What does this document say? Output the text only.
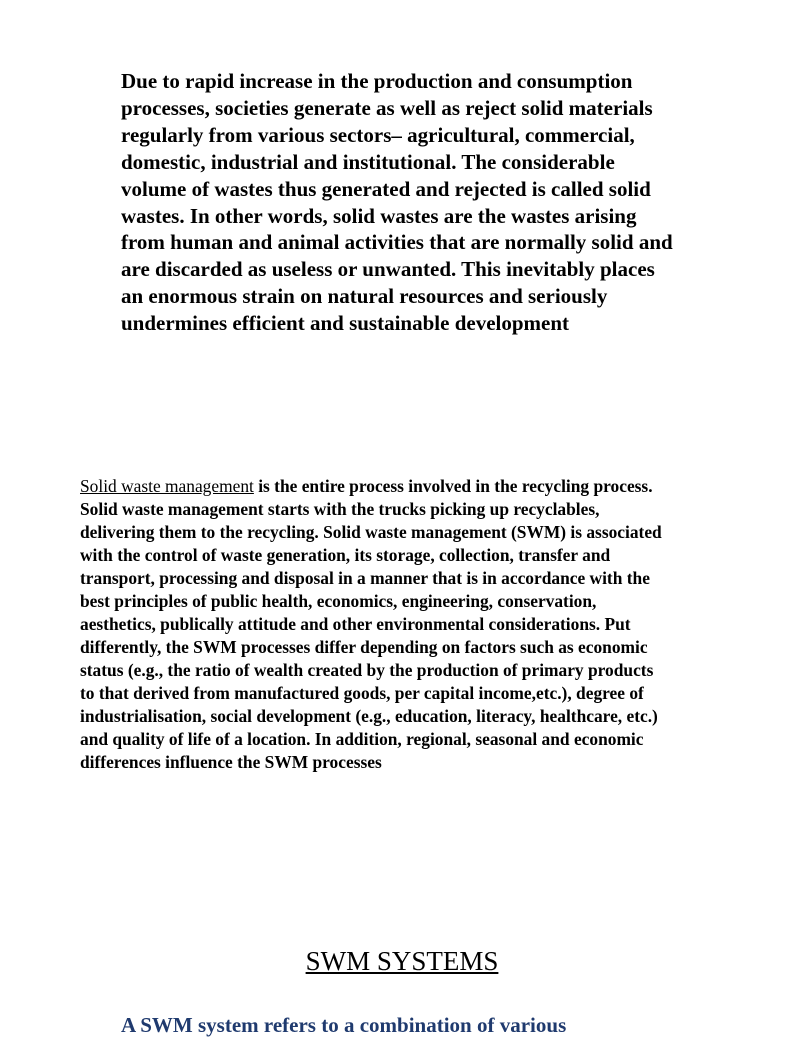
Due to rapid increase in the production and consumption processes, societies generate as well as reject solid materials regularly from various sectors– agricultural, commercial, domestic, industrial and institutional. The considerable volume of wastes thus generated and rejected is called solid wastes. In other words, solid wastes are the wastes arising from human and animal activities that are normally solid and are discarded as useless or unwanted. This inevitably places an enormous strain on natural resources and seriously undermines efficient and sustainable development

Solid waste management is the entire process involved in the recycling process. Solid waste management starts with the trucks picking up recyclables, delivering them to the recycling. Solid waste management (SWM) is associated with the control of waste generation, its storage, collection, transfer and transport, processing and disposal in a manner that is in accordance with the best principles of public health, economics, engineering, conservation, aesthetics, publically attitude and other environmental considerations. Put differently, the SWM processes differ depending on factors such as economic status (e.g., the ratio of wealth created by the production of primary products to that derived from manufactured goods, per capital income,etc.), degree of industrialisation, social development (e.g., education, literacy, healthcare, etc.) and quality of life of a location. In addition, regional, seasonal and economic differences influence the SWM processes

SWM SYSTEMS

A SWM system refers to a combination of various
